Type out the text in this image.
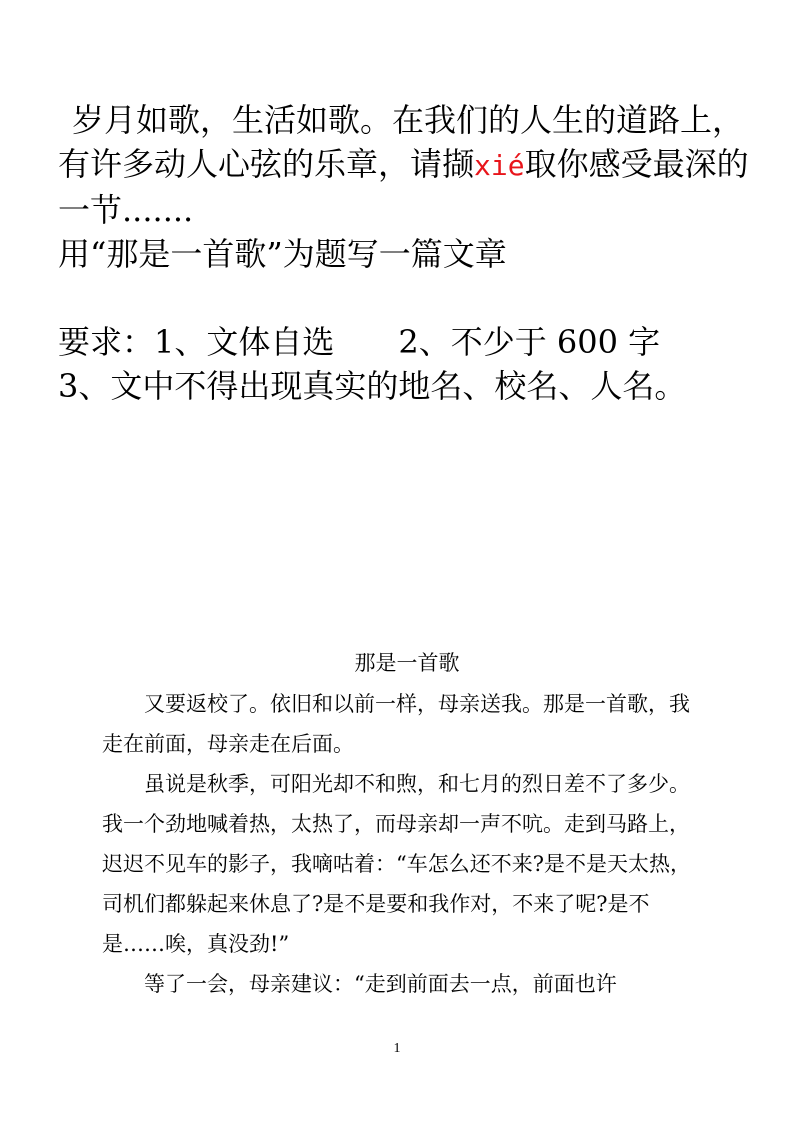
岁月如歌，生活如歌。在我们的人生的道路上，有许多动人心弦的乐章，请撷xié取你感受最深的一节.......

用“那是一首歌”为题写一篇文章

要求：1、文体自选　　2、不少于 600 字　　3、文中不得出现真实的地名、校名、人名。

那是一首歌

又要返校了。依旧和以前一样，母亲送我。那是一首歌，我走在前面，母亲走在后面。

虽说是秋季，可阳光却不和煦，和七月的烈日差不了多少。我一个劲地喊着热，太热了，而母亲却一声不吭。走到马路上，迟迟不见车的影子，我嘀咕着：“车怎么还不来?是不是天太热，司机们都躲起来休息了?是不是要和我作对，不来了呢?是不是……唉，真没劲!”

等了一会，母亲建议：“走到前面去一点，前面也许

1
